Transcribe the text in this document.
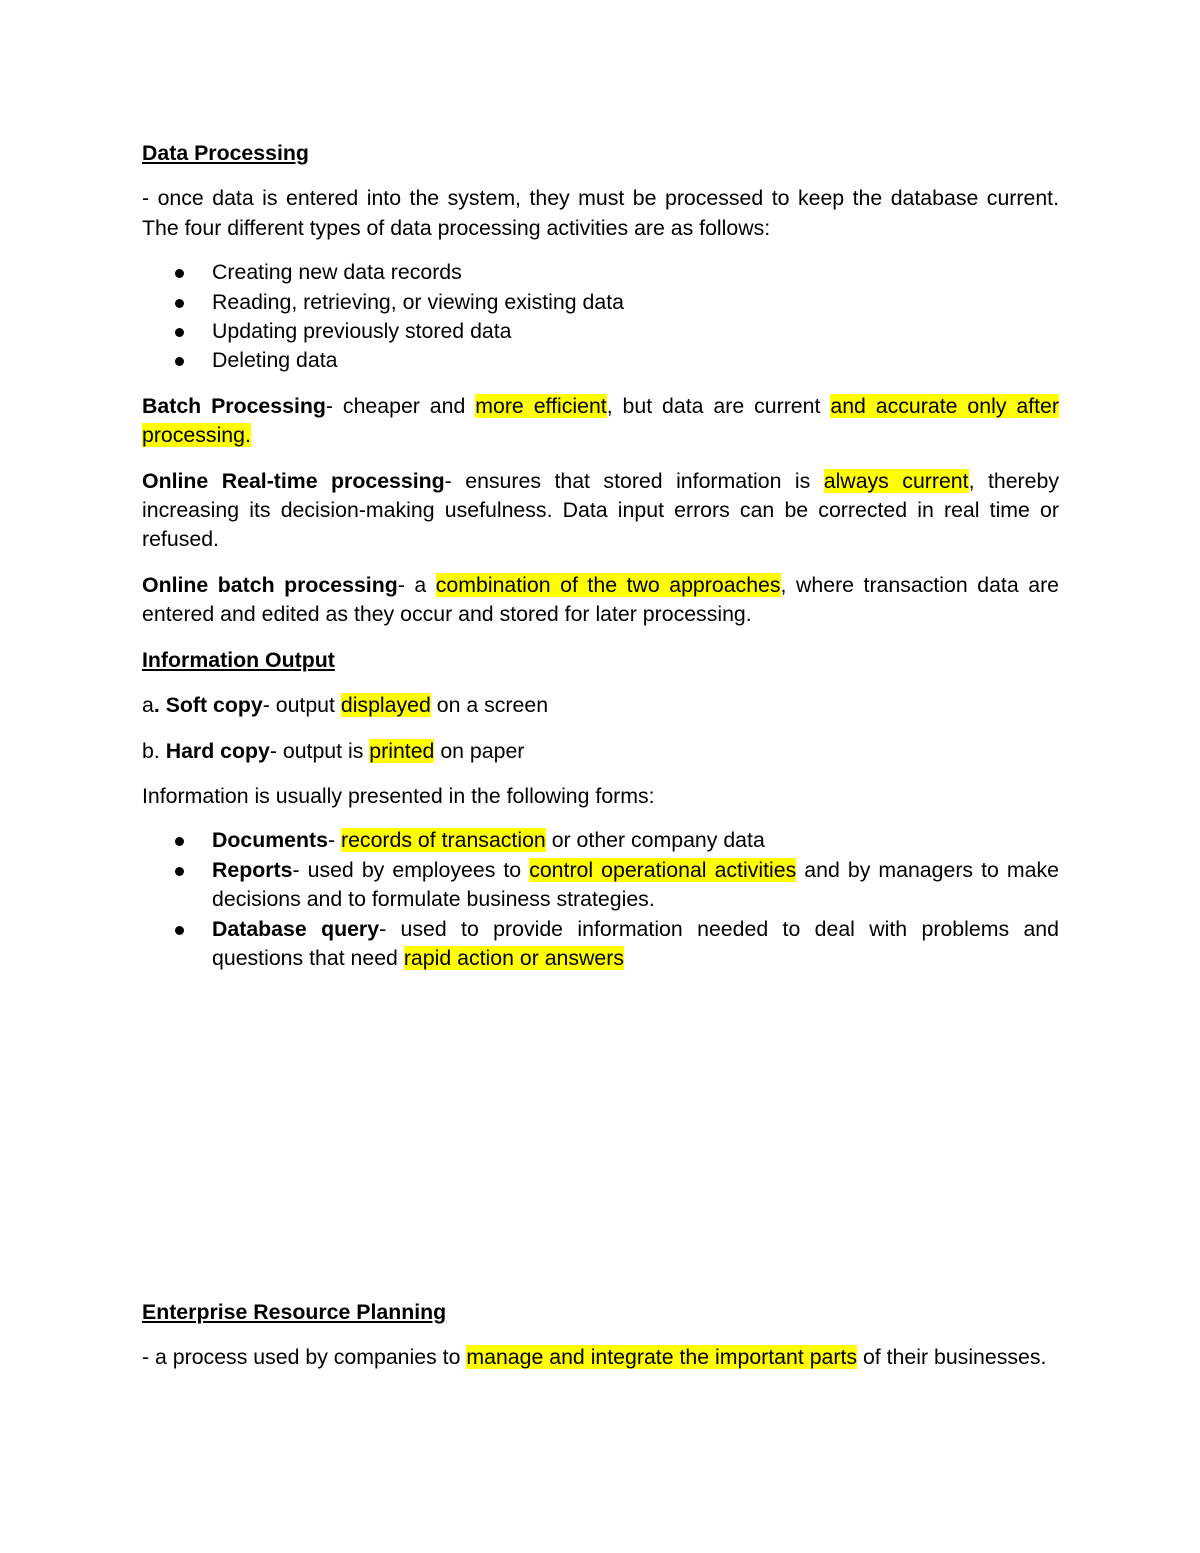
Data Processing

- once data is entered into the system, they must be processed to keep the database current. The four different types of data processing activities are as follows:

Creating new data records
Reading, retrieving, or viewing existing data
Updating previously stored data
Deleting data

Batch Processing- cheaper and more efficient, but data are current and accurate only after processing.

Online Real-time processing- ensures that stored information is always current, thereby increasing its decision-making usefulness. Data input errors can be corrected in real time or refused.

Online batch processing- a combination of the two approaches, where transaction data are entered and edited as they occur and stored for later processing.

Information Output

a. Soft copy- output displayed on a screen

b. Hard copy- output is printed on paper

Information is usually presented in the following forms:

Documents- records of transaction or other company data
Reports- used by employees to control operational activities and by managers to make decisions and to formulate business strategies.
Database query- used to provide information needed to deal with problems and questions that need rapid action or answers

Enterprise Resource Planning

- a process used by companies to manage and integrate the important parts of their businesses.
